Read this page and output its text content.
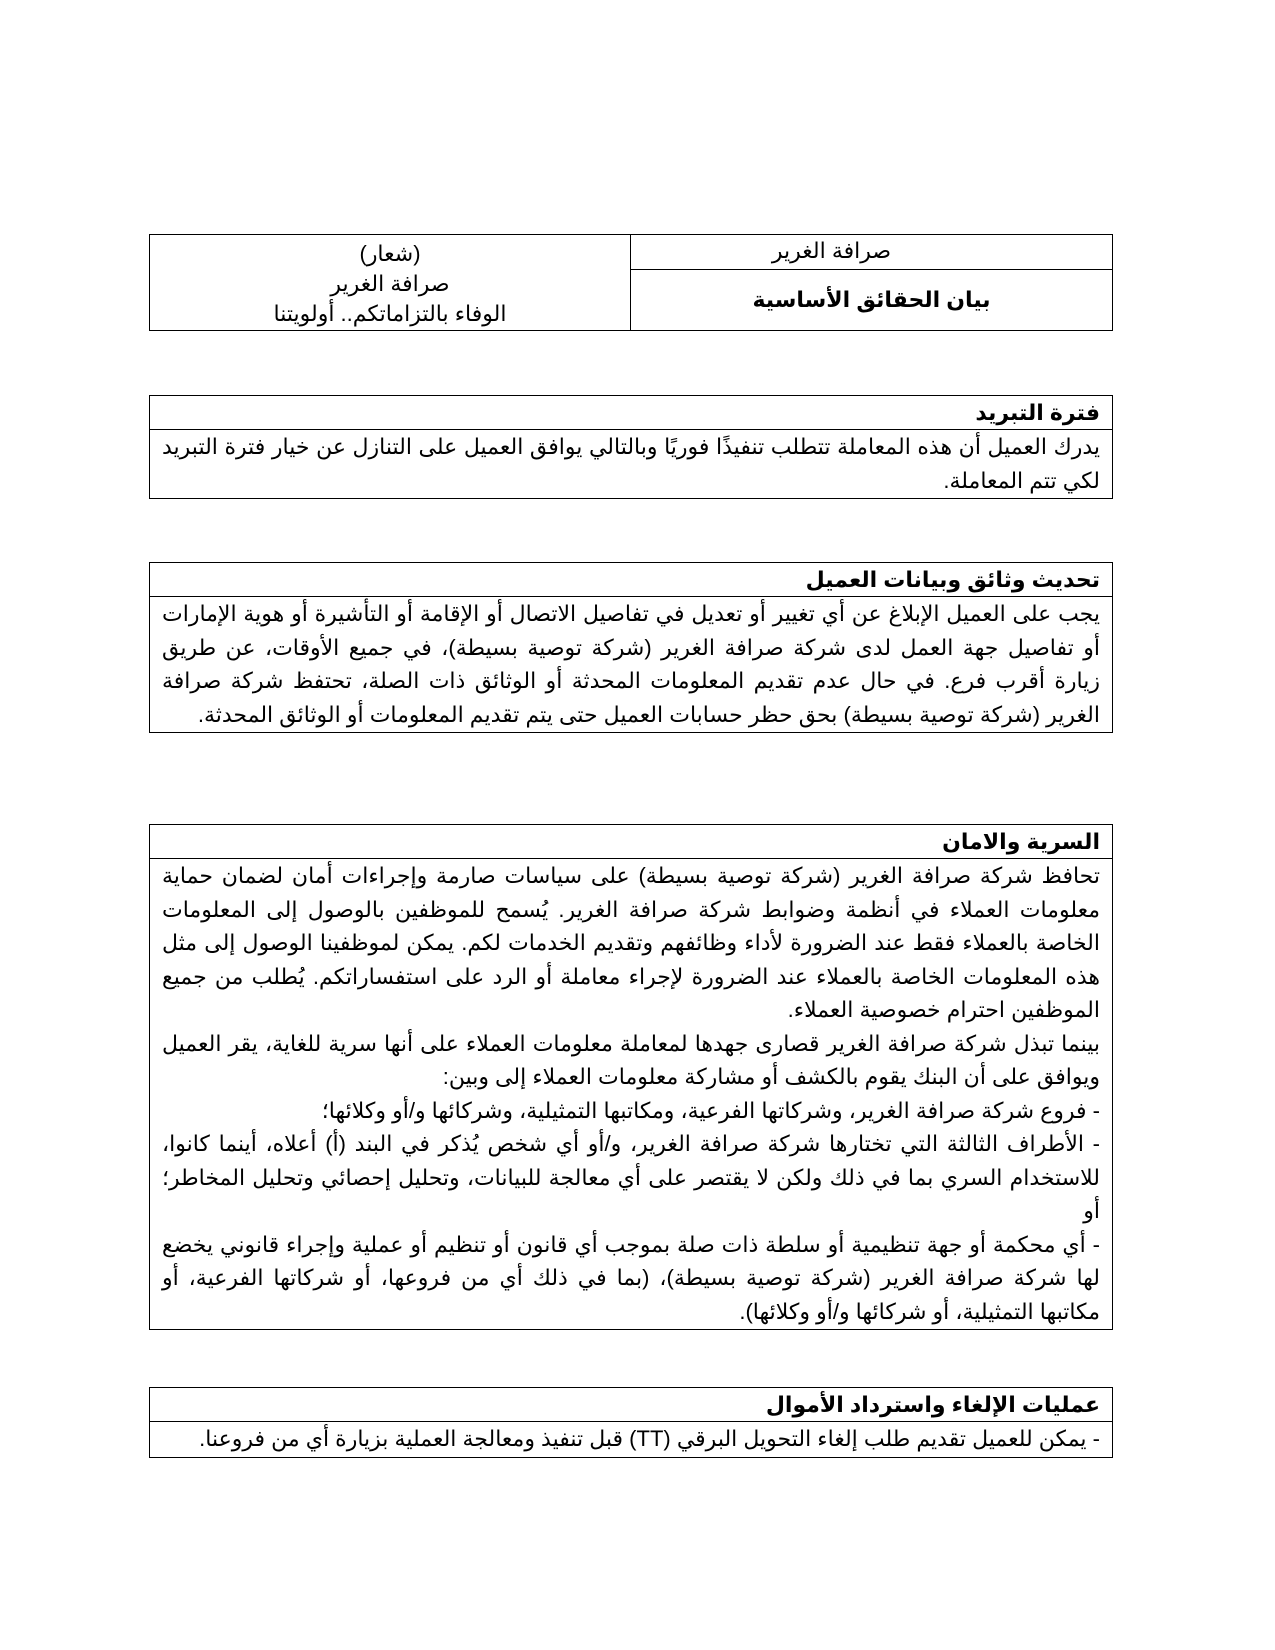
(شعار)
صرافة الغرير
الوفاء بالتزاماتكم.. أولويتنا
	صرافة الغرير
بيان الحقائق الأساسية
فترة التبريد

يدرك العميل أن هذه المعاملة تتطلب تنفيذًا فوريًا وبالتالي يوافق العميل على التنازل عن خيار فترة التبريد لكي تتم المعاملة.

تحديث وثائق وبيانات العميل

يجب على العميل الإبلاغ عن أي تغيير أو تعديل في تفاصيل الاتصال أو الإقامة أو التأشيرة أو هوية الإمارات أو تفاصيل جهة العمل لدى شركة صرافة الغرير (شركة توصية بسيطة)، في جميع الأوقات، عن طريق زيارة أقرب فرع. في حال عدم تقديم المعلومات المحدثة أو الوثائق ذات الصلة، تحتفظ شركة صرافة الغرير (شركة توصية بسيطة) بحق حظر حسابات العميل حتى يتم تقديم المعلومات أو الوثائق المحدثة.

السرية والامان

تحافظ شركة صرافة الغرير (شركة توصية بسيطة) على سياسات صارمة وإجراءات أمان لضمان حماية معلومات العملاء في أنظمة وضوابط شركة صرافة الغرير. يُسمح للموظفين بالوصول إلى المعلومات الخاصة بالعملاء فقط عند الضرورة لأداء وظائفهم وتقديم الخدمات لكم. يمكن لموظفينا الوصول إلى مثل هذه المعلومات الخاصة بالعملاء عند الضرورة لإجراء معاملة أو الرد على استفساراتكم. يُطلب من جميع الموظفين احترام خصوصية العملاء.

بينما تبذل شركة صرافة الغرير قصارى جهدها لمعاملة معلومات العملاء على أنها سرية للغاية، يقر العميل ويوافق على أن البنك يقوم بالكشف أو مشاركة معلومات العملاء إلى وبين:

- فروع شركة صرافة الغرير، وشركاتها الفرعية، ومكاتبها التمثيلية، وشركائها و/أو وكلائها؛

- الأطراف الثالثة التي تختارها شركة صرافة الغرير، و/أو أي شخص يُذكر في البند (أ) أعلاه، أينما كانوا، للاستخدام السري بما في ذلك ولكن لا يقتصر على أي معالجة للبيانات، وتحليل إحصائي وتحليل المخاطر؛ أو

- أي محكمة أو جهة تنظيمية أو سلطة ذات صلة بموجب أي قانون أو تنظيم أو عملية وإجراء قانوني يخضع لها شركة صرافة الغرير (شركة توصية بسيطة)، (بما في ذلك أي من فروعها، أو شركاتها الفرعية، أو مكاتبها التمثيلية، أو شركائها و/أو وكلائها).

عمليات الإلغاء واسترداد الأموال

- يمكن للعميل تقديم طلب إلغاء التحويل البرقي (TT) قبل تنفيذ ومعالجة العملية بزيارة أي من فروعنا.
